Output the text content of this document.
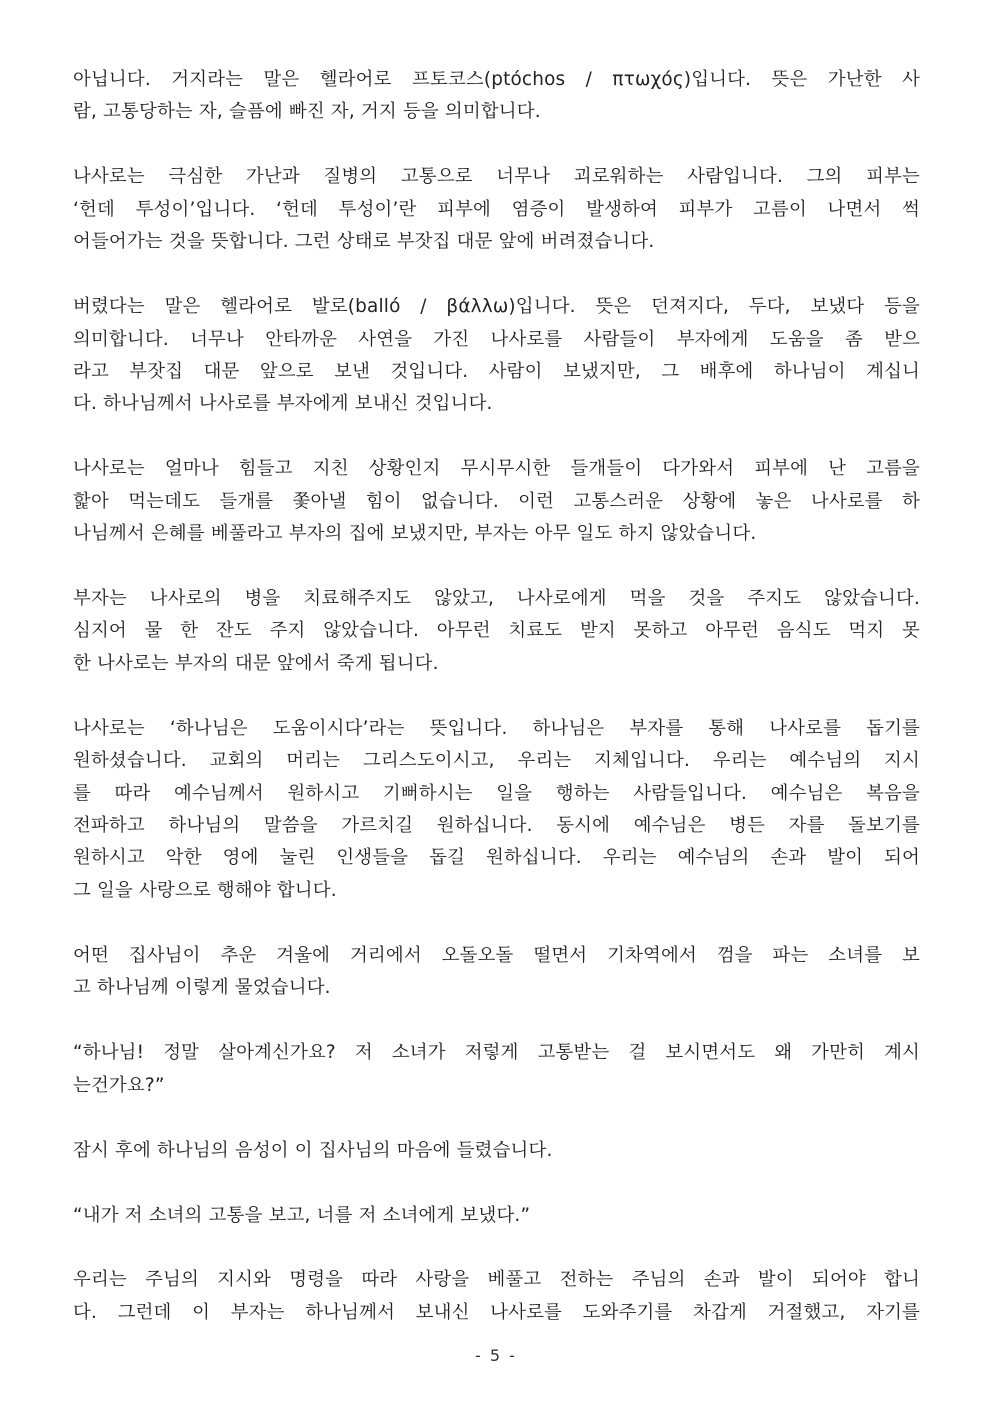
아닙니다. 거지라는 말은 헬라어로 프토코스(ptóchos / πτωχός)입니다. 뜻은 가난한 사
람, 고통당하는 자, 슬픔에 빠진 자, 거지 등을 의미합니다.
나사로는 극심한 가난과 질병의 고통으로 너무나 괴로워하는 사람입니다. 그의 피부는
‘헌데 투성이’입니다. ‘헌데 투성이’란 피부에 염증이 발생하여 피부가 고름이 나면서 썩
어들어가는 것을 뜻합니다. 그런 상태로 부잣집 대문 앞에 버려졌습니다.
버렸다는 말은 헬라어로 발로(balló / βάλλω)입니다. 뜻은 던져지다, 두다, 보냈다 등을
의미합니다. 너무나 안타까운 사연을 가진 나사로를 사람들이 부자에게 도움을 좀 받으
라고 부잣집 대문 앞으로 보낸 것입니다. 사람이 보냈지만, 그 배후에 하나님이 계십니
다. 하나님께서 나사로를 부자에게 보내신 것입니다.
나사로는 얼마나 힘들고 지친 상황인지 무시무시한 들개들이 다가와서 피부에 난 고름을
핥아 먹는데도 들개를 쫓아낼 힘이 없습니다. 이런 고통스러운 상황에 놓은 나사로를 하
나님께서 은혜를 베풀라고 부자의 집에 보냈지만, 부자는 아무 일도 하지 않았습니다.
부자는 나사로의 병을 치료해주지도 않았고, 나사로에게 먹을 것을 주지도 않았습니다.
심지어 물 한 잔도 주지 않았습니다. 아무런 치료도 받지 못하고 아무런 음식도 먹지 못
한 나사로는 부자의 대문 앞에서 죽게 됩니다.
나사로는 ‘하나님은 도움이시다’라는 뜻입니다. 하나님은 부자를 통해 나사로를 돕기를
원하셨습니다. 교회의 머리는 그리스도이시고, 우리는 지체입니다. 우리는 예수님의 지시
를 따라 예수님께서 원하시고 기뻐하시는 일을 행하는 사람들입니다. 예수님은 복음을
전파하고 하나님의 말씀을 가르치길 원하십니다. 동시에 예수님은 병든 자를 돌보기를
원하시고 악한 영에 눌린 인생들을 돕길 원하십니다. 우리는 예수님의 손과 발이 되어
그 일을 사랑으로 행해야 합니다.
어떤 집사님이 추운 겨울에 거리에서 오돌오돌 떨면서 기차역에서 껌을 파는 소녀를 보
고 하나님께 이렇게 물었습니다.
“하나님! 정말 살아계신가요? 저 소녀가 저렇게 고통받는 걸 보시면서도 왜 가만히 계시
는건가요?”
잠시 후에 하나님의 음성이 이 집사님의 마음에 들렸습니다.
“내가 저 소녀의 고통을 보고, 너를 저 소녀에게 보냈다.”
우리는 주님의 지시와 명령을 따라 사랑을 베풀고 전하는 주님의 손과 발이 되어야 합니
다. 그런데 이 부자는 하나님께서 보내신 나사로를 도와주기를 차갑게 거절했고, 자기를
- 5 -
